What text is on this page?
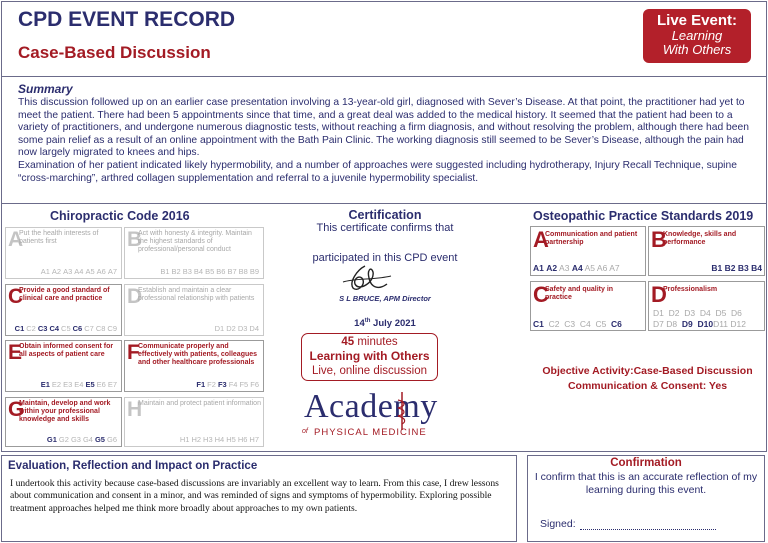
CPD EVENT RECORD
Case-Based Discussion
Live Event:
Learning
With Others
Summary
This discussion followed up on an earlier case presentation involving a 13-year-old girl, diagnosed with Sever’s Disease. At that point, the practitioner had yet to meet the patient. There had been 5 appointments since that time, and a great deal was added to the medical history. It seemed that the patient had been to a variety of practitioners, and undergone numerous diagnostic tests, without reaching a firm diagnosis, and without resolving the problem, although there had been some pain relief as a result of an online appointment with the Bath Pain Clinic. The working diagnosis still seemed to be Sever’s Disease, although the pain had now largely migrated to knees and hips.
Examination of her patient indicated likely hypermobility, and a number of approaches were suggested including hydrotherapy, Injury Recall Technique, supine “cross-marching”, arthred collagen supplementation and referral to a juvenile hypermobility specialist.
Chiropractic Code 2016
A
Put the health interests of patients first
A1 A2 A3 A4 A5 A6 A7
B
Act with honesty & integrity. Maintain the highest standards of professional/personal conduct
B1 B2 B3 B4 B5 B6 B7 B8 B9
C
Provide a good standard of clinical care and practice
C1 C2 C3 C4 C5 C6 C7 C8 C9
D
Establish and maintain a clear professional relationship with patients
D1 D2 D3 D4
E
Obtain informed consent for all aspects of patient care
E1 E2 E3 E4 E5 E6 E7
F
Communicate properly and effectively with patients, colleagues and other healthcare professionals
F1 F2 F3 F4 F5 F6
G
Maintain, develop and work within your professional knowledge and skills
G1 G2 G3 G4 G5 G6
H
Maintain and protect patient information
H1 H2 H3 H4 H5 H6 H7
Certification
This certificate confirms that
participated in this CPD event
S L BRUCE, APM Director
14th July 2021
45 minutes
Learning with Others
Live, online discussion
Academy
of PHYSICAL MEDICINE
Osteopathic Practice Standards 2019
A
Communication and patient partnership
A1 A2 A3 A4 A5 A6 A7
B
Knowledge, skills and performance
B1 B2 B3 B4
C
Safety and quality in practice
C1 C2 C3 C4 C5 C6
D
Professionalism
D1 D2 D3 D4 D5 D6
D7 D8 D9 D10D11 D12
Objective Activity:Case-Based Discussion
Communication & Consent: Yes
Evaluation, Reflection and Impact on Practice
I undertook this activity because case-based discussions are invariably an excellent way to learn. From this case, I drew lessons about communication and consent in a minor, and was reminded of signs and symptoms of hypermobility. Exploring possible treatment approaches helped me think more broadly about approaches to my own patients.
Confirmation
I confirm that this is an accurate reflection of my learning during this event.
Signed:
